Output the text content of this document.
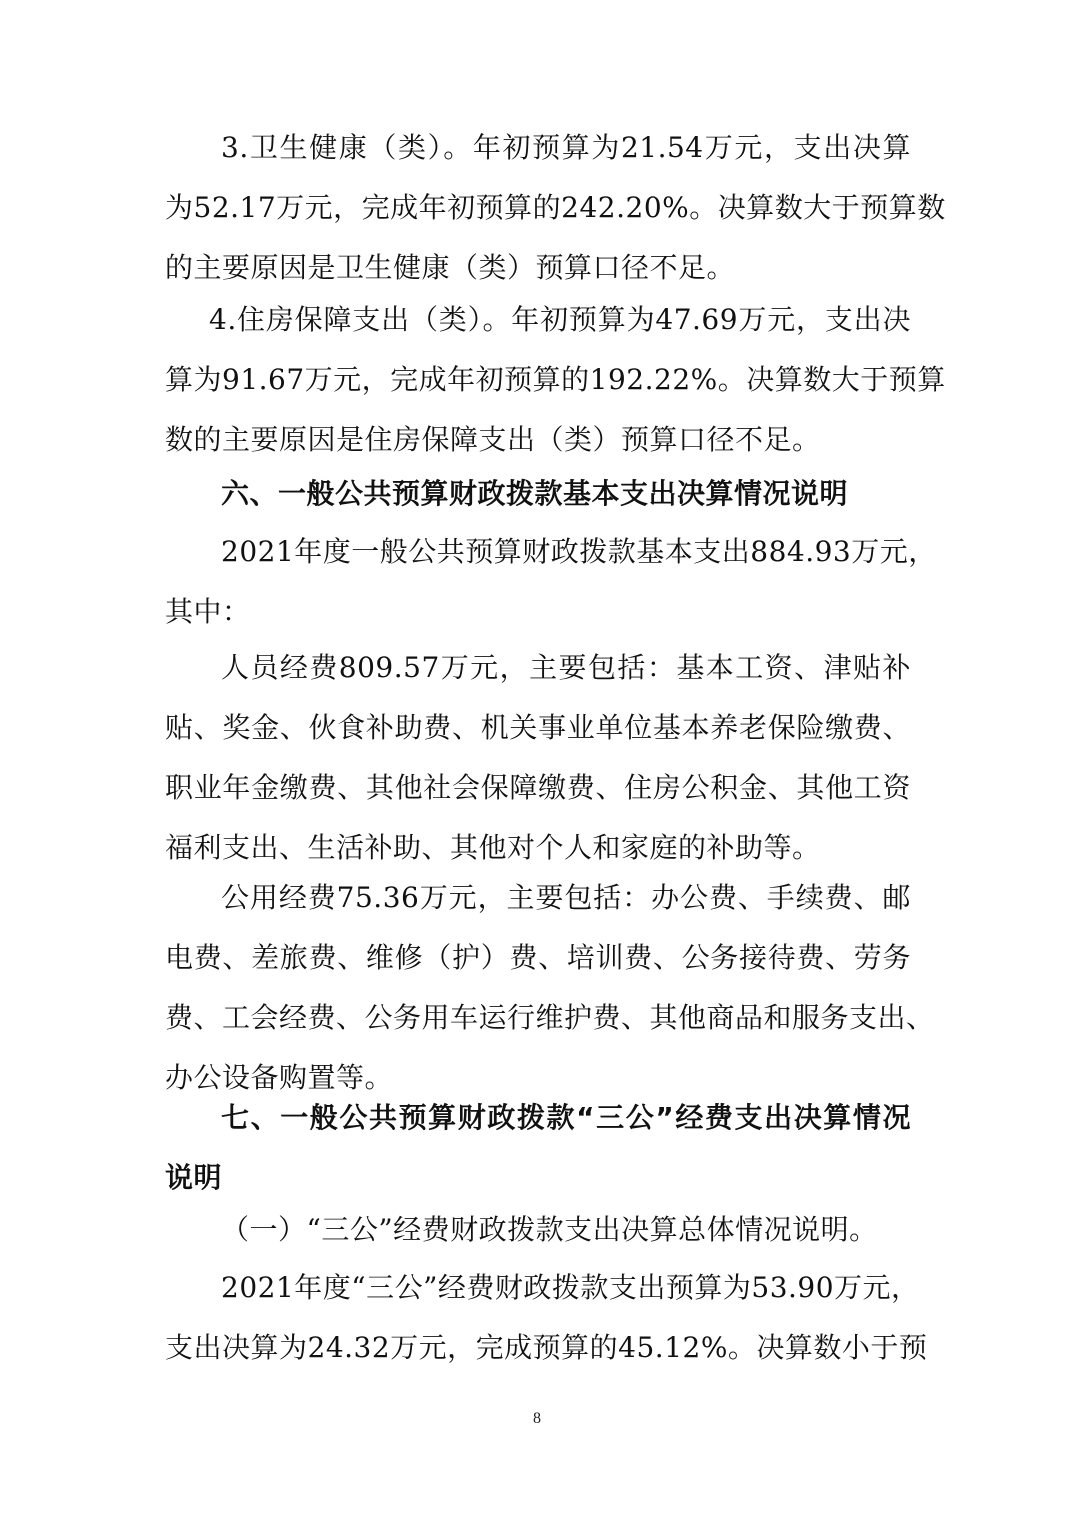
3.卫生健康（类）。年初预算为21.54万元，支出决算
为52.17万元，完成年初预算的242.20%。决算数大于预算数
的主要原因是卫生健康（类）预算口径不足。
4.住房保障支出（类）。年初预算为47.69万元，支出决
算为91.67万元，完成年初预算的192.22%。决算数大于预算
数的主要原因是住房保障支出（类）预算口径不足。
六、一般公共预算财政拨款基本支出决算情况说明
2021年度一般公共预算财政拨款基本支出884.93万元，
其中：
人员经费809.57万元，主要包括：基本工资、津贴补
贴、奖金、伙食补助费、机关事业单位基本养老保险缴费、
职业年金缴费、其他社会保障缴费、住房公积金、其他工资
福利支出、生活补助、其他对个人和家庭的补助等。
公用经费75.36万元，主要包括：办公费、手续费、邮
电费、差旅费、维修（护）费、培训费、公务接待费、劳务
费、工会经费、公务用车运行维护费、其他商品和服务支出、
办公设备购置等。
七、一般公共预算财政拨款“三公”经费支出决算情况
说明
（一）“三公”经费财政拨款支出决算总体情况说明。
2021年度“三公”经费财政拨款支出预算为53.90万元，
支出决算为24.32万元，完成预算的45.12%。决算数小于预
8
